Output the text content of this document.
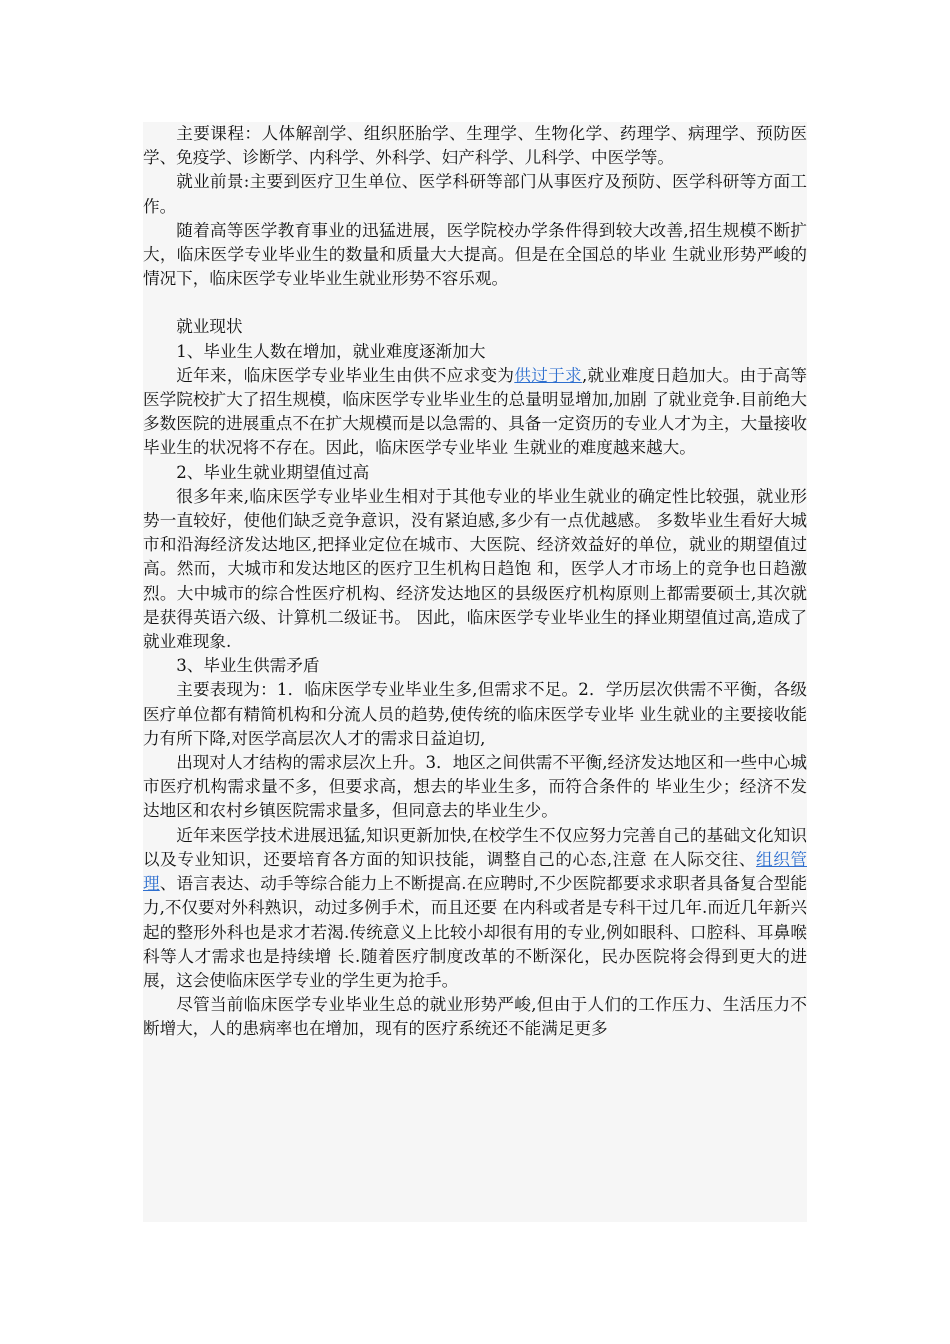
主要课程：人体解剖学、组织胚胎学、生理学、生物化学、药理学、病理学、预防医学、免疫学、诊断学、内科学、外科学、妇产科学、儿科学、中医学等。

就业前景:主要到医疗卫生单位、医学科研等部门从事医疗及预防、医学科研等方面工作。

随着高等医学教育事业的迅猛进展，医学院校办学条件得到较大改善,招生规模不断扩大，临床医学专业毕业生的数量和质量大大提高。但是在全国总的毕业 生就业形势严峻的情况下，临床医学专业毕业生就业形势不容乐观。

就业现状

1、毕业生人数在增加，就业难度逐渐加大

近年来，临床医学专业毕业生由供不应求变为供过于求,就业难度日趋加大。由于高等医学院校扩大了招生规模，临床医学专业毕业生的总量明显增加,加剧 了就业竞争.目前绝大多数医院的进展重点不在扩大规模而是以急需的、具备一定资历的专业人才为主，大量接收毕业生的状况将不存在。因此，临床医学专业毕业 生就业的难度越来越大。

2、毕业生就业期望值过高

很多年来,临床医学专业毕业生相对于其他专业的毕业生就业的确定性比较强，就业形势一直较好，使他们缺乏竞争意识，没有紧迫感,多少有一点优越感。 多数毕业生看好大城市和沿海经济发达地区,把择业定位在城市、大医院、经济效益好的单位，就业的期望值过高。然而，大城市和发达地区的医疗卫生机构日趋饱 和，医学人才市场上的竞争也日趋激烈。大中城市的综合性医疗机构、经济发达地区的县级医疗机构原则上都需要硕士,其次就是获得英语六级、计算机二级证书。 因此，临床医学专业毕业生的择业期望值过高,造成了就业难现象.

3、毕业生供需矛盾

主要表现为：1．临床医学专业毕业生多,但需求不足。2．学历层次供需不平衡，各级医疗单位都有精简机构和分流人员的趋势,使传统的临床医学专业毕 业生就业的主要接收能力有所下降,对医学高层次人才的需求日益迫切,

出现对人才结构的需求层次上升。3．地区之间供需不平衡,经济发达地区和一些中心城市医疗机构需求量不多，但要求高，想去的毕业生多，而符合条件的 毕业生少；经济不发达地区和农村乡镇医院需求量多，但同意去的毕业生少。

近年来医学技术进展迅猛,知识更新加快,在校学生不仅应努力完善自己的基础文化知识以及专业知识，还要培育各方面的知识技能，调整自己的心态,注意 在人际交往、组织管理、语言表达、动手等综合能力上不断提高.在应聘时,不少医院都要求求职者具备复合型能力,不仅要对外科熟识，动过多例手术，而且还要 在内科或者是专科干过几年.而近几年新兴起的整形外科也是求才若渴.传统意义上比较小却很有用的专业,例如眼科、口腔科、耳鼻喉科等人才需求也是持续增 长.随着医疗制度改革的不断深化，民办医院将会得到更大的进展，这会使临床医学专业的学生更为抢手。

尽管当前临床医学专业毕业生总的就业形势严峻,但由于人们的工作压力、生活压力不断增大，人的患病率也在增加，现有的医疗系统还不能满足更多
